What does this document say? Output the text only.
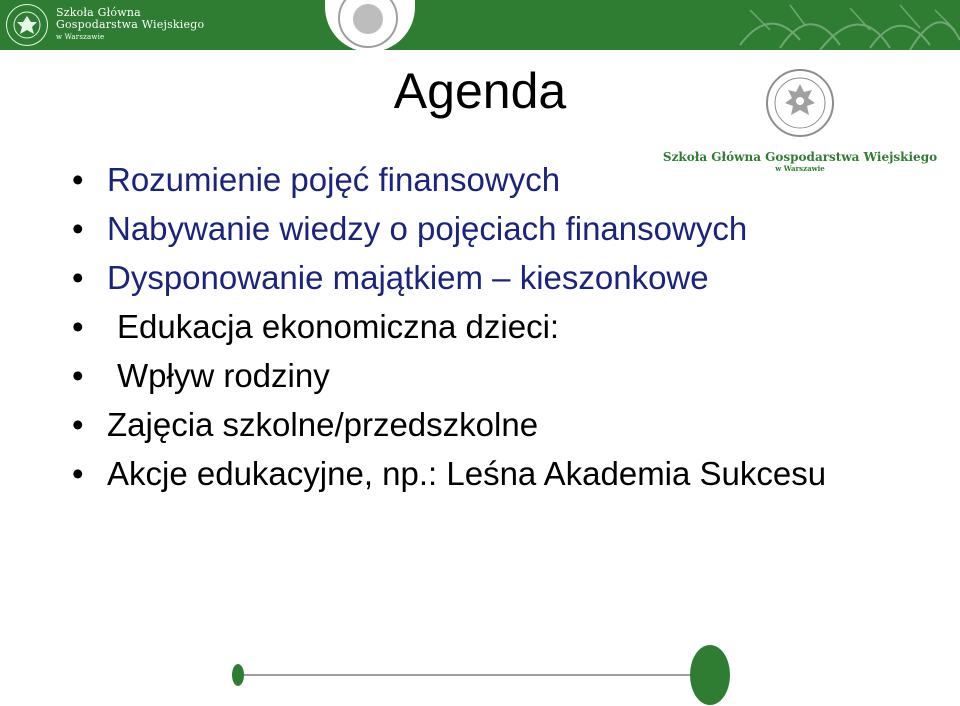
Szkoła Główna
Gospodarstwa Wiejskiego
w Warszawie
Szkoła Główna Gospodarstwa Wiejskiego
w Warszawie
Agenda
• Rozumienie pojęć finansowych
• Nabywanie wiedzy o pojęciach finansowych
• Dysponowanie majątkiem – kieszonkowe
• Edukacja ekonomiczna dzieci:
• Wpływ rodziny
• Zajęcia szkolne/przedszkolne
• Akcje edukacyjne, np.: Leśna Akademia Sukcesu
